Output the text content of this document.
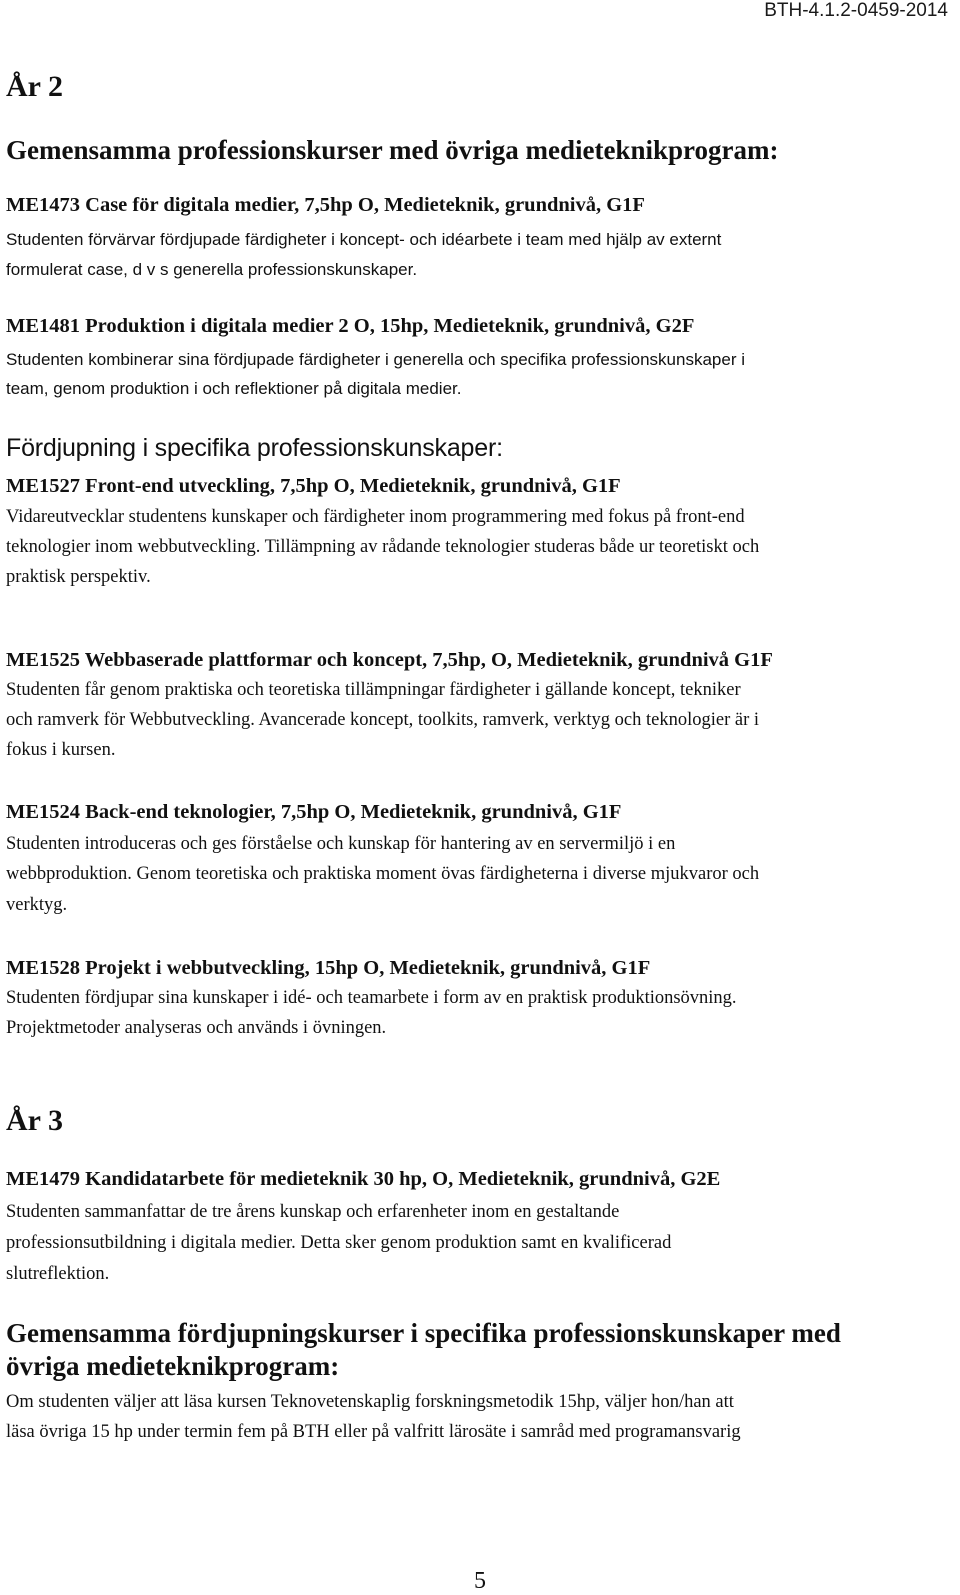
BTH-4.1.2-0459-2014
År 2
Gemensamma professionskurser med övriga medieteknikprogram:
ME1473 Case för digitala medier, 7,5hp O, Medieteknik, grundnivå, G1F
Studenten förvärvar fördjupade färdigheter i koncept- och idéarbete i team med hjälp av externt
formulerat case, d v s generella professionskunskaper.
ME1481 Produktion i digitala medier 2 O, 15hp, Medieteknik, grundnivå, G2F
Studenten kombinerar sina fördjupade färdigheter i generella och specifika professionskunskaper i
team, genom produktion i och reflektioner på digitala medier.
Fördjupning i specifika professionskunskaper:
ME1527 Front-end utveckling, 7,5hp O, Medieteknik, grundnivå, G1F
Vidareutvecklar studentens kunskaper och färdigheter inom programmering med fokus på front-end
teknologier inom webbutveckling. Tillämpning av rådande teknologier studeras både ur teoretiskt och
praktisk perspektiv.
ME1525 Webbaserade plattformar och koncept, 7,5hp, O, Medieteknik, grundnivå G1F
Studenten får genom praktiska och teoretiska tillämpningar färdigheter i gällande koncept, tekniker
och ramverk för Webbutveckling. Avancerade koncept, toolkits, ramverk, verktyg och teknologier är i
fokus i kursen.
ME1524 Back-end teknologier, 7,5hp O, Medieteknik, grundnivå, G1F
Studenten introduceras och ges förståelse och kunskap för hantering av en servermiljö i en
webbproduktion. Genom teoretiska och praktiska moment övas färdigheterna i diverse mjukvaror och
verktyg.
ME1528 Projekt i webbutveckling, 15hp O, Medieteknik, grundnivå, G1F
Studenten fördjupar sina kunskaper i idé- och teamarbete i form av en praktisk produktionsövning.
Projektmetoder analyseras och används i övningen.
År 3
ME1479 Kandidatarbete för medieteknik 30 hp, O, Medieteknik, grundnivå, G2E
Studenten sammanfattar de tre årens kunskap och erfarenheter inom en gestaltande
professionsutbildning i digitala medier. Detta sker genom produktion samt en kvalificerad
slutreflektion.
Gemensamma fördjupningskurser i specifika professionskunskaper med
övriga medieteknikprogram:
Om studenten väljer att läsa kursen Teknovetenskaplig forskningsmetodik 15hp, väljer hon/han att
läsa övriga 15 hp under termin fem på BTH eller på valfritt lärosäte i samråd med programansvarig
5
